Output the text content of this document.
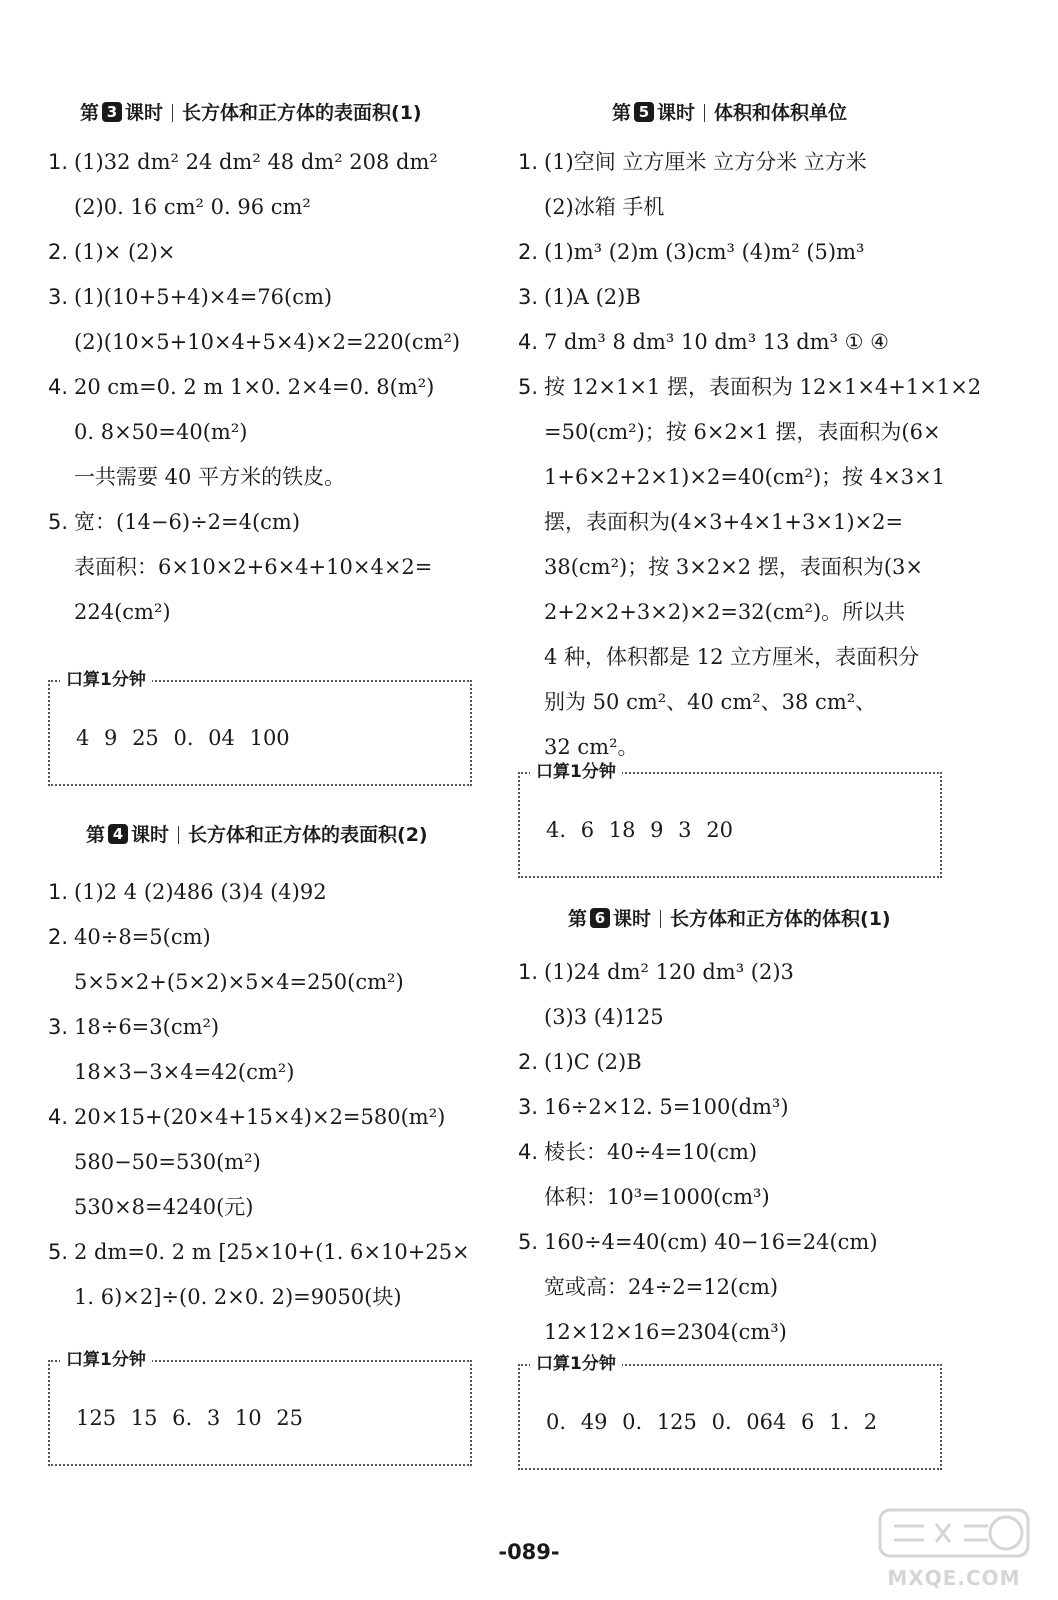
第 3 课时 长方体和正方体的表面积(1)
1. (1)32 dm² 24 dm² 48 dm² 208 dm²
(2)0. 16 cm² 0. 96 cm²
2. (1)× (2)×
3. (1)(10+5+4)×4=76(cm)
(2)(10×5+10×4+5×4)×2=220(cm²)
4. 20 cm=0. 2 m 1×0. 2×4=0. 8(m²)
0. 8×50=40(m²)
一共需要 40 平方米的铁皮。
5. 宽：(14−6)÷2=4(cm)
表面积：6×10×2+6×4+10×4×2=
224(cm²)
口算1分钟
4 9 25 0. 04 100
第 4 课时 长方体和正方体的表面积(2)
1. (1)2 4 (2)486 (3)4 (4)92
2. 40÷8=5(cm)
5×5×2+(5×2)×5×4=250(cm²)
3. 18÷6=3(cm²)
18×3−3×4=42(cm²)
4. 20×15+(20×4+15×4)×2=580(m²)
580−50=530(m²)
530×8=4240(元)
5. 2 dm=0. 2 m [25×10+(1. 6×10+25×
1. 6)×2]÷(0. 2×0. 2)=9050(块)
口算1分钟
125 15 6. 3 10 25
第 5 课时 体积和体积单位
1. (1)空间 立方厘米 立方分米 立方米
(2)冰箱 手机
2. (1)m³ (2)m (3)cm³ (4)m² (5)m³
3. (1)A (2)B
4. 7 dm³ 8 dm³ 10 dm³ 13 dm³ ① ④
5. 按 12×1×1 摆，表面积为 12×1×4+1×1×2
=50(cm²)；按 6×2×1 摆，表面积为(6×
1+6×2+2×1)×2=40(cm²)；按 4×3×1
摆，表面积为(4×3+4×1+3×1)×2=
38(cm²)；按 3×2×2 摆，表面积为(3×
2+2×2+3×2)×2=32(cm²)。所以共
4 种，体积都是 12 立方厘米，表面积分
别为 50 cm²、40 cm²、38 cm²、
32 cm²。
口算1分钟
4. 6 18 9 3 20
第 6 课时 长方体和正方体的体积(1)
1. (1)24 dm² 120 dm³ (2)3
(3)3 (4)125
2. (1)C (2)B
3. 16÷2×12. 5=100(dm³)
4. 棱长：40÷4=10(cm)
体积：10³=1000(cm³)
5. 160÷4=40(cm) 40−16=24(cm)
宽或高：24÷2=12(cm)
12×12×16=2304(cm³)
口算1分钟
0. 49 0. 125 0. 064 6 1. 2
-089-
MXQE.COM
